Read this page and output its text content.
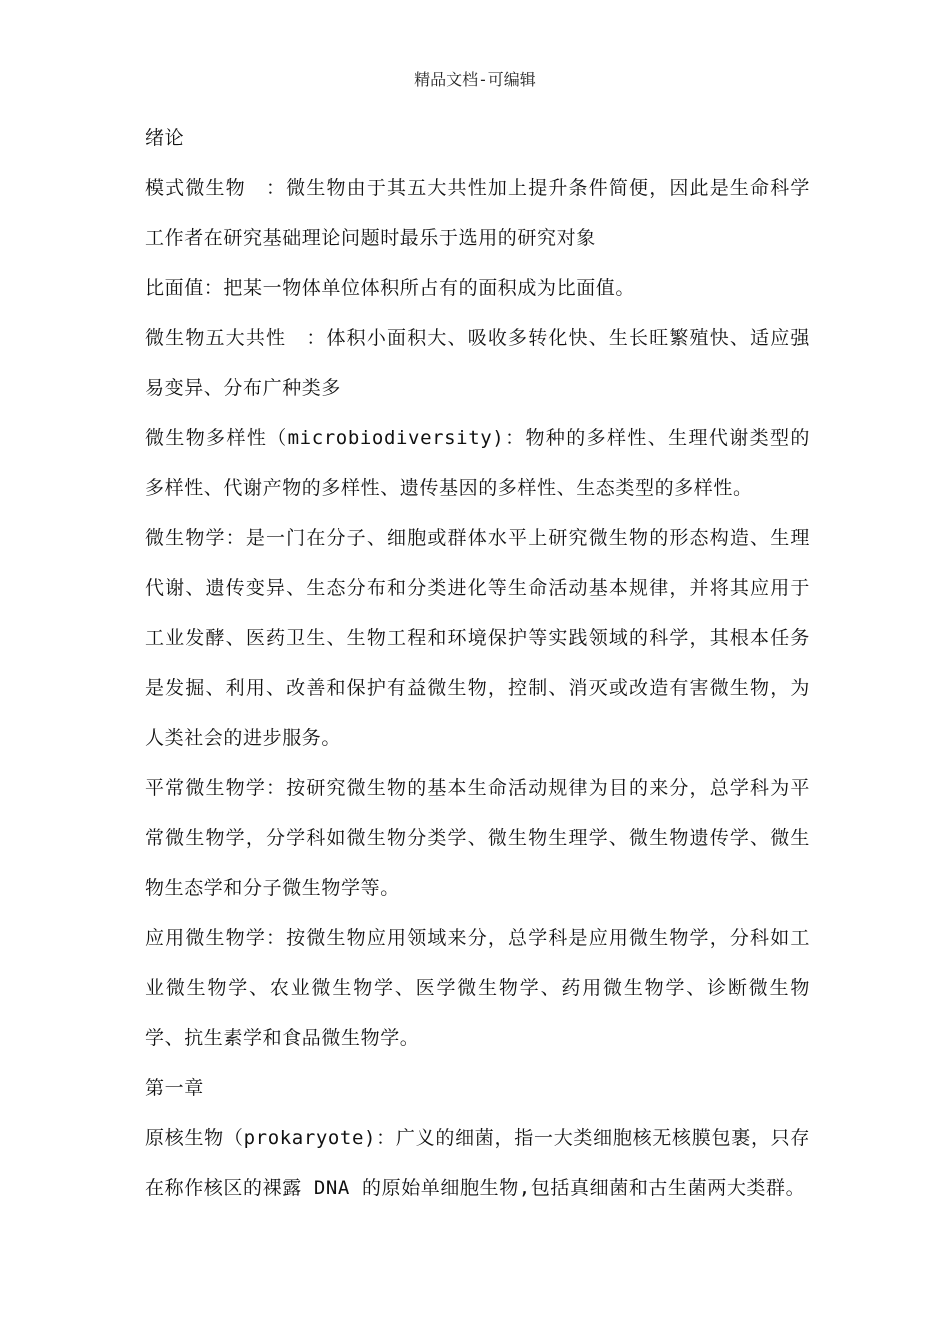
精品文档-可编辑

绪论

模式微生物　：微生物由于其五大共性加上提升条件简便，因此是生命科学工作者在研究基础理论问题时最乐于选用的研究对象

比面值：把某一物体单位体积所占有的面积成为比面值。

微生物五大共性　：体积小面积大、吸收多转化快、生长旺繁殖快、适应强易变异、分布广种类多

微生物多样性（microbiodiversity)：物种的多样性、生理代谢类型的多样性、代谢产物的多样性、遗传基因的多样性、生态类型的多样性。

微生物学：是一门在分子、细胞或群体水平上研究微生物的形态构造、生理代谢、遗传变异、生态分布和分类进化等生命活动基本规律，并将其应用于工业发酵、医药卫生、生物工程和环境保护等实践领域的科学，其根本任务是发掘、利用、改善和保护有益微生物，控制、消灭或改造有害微生物，为人类社会的进步服务。

平常微生物学：按研究微生物的基本生命活动规律为目的来分，总学科为平常微生物学，分学科如微生物分类学、微生物生理学、微生物遗传学、微生物生态学和分子微生物学等。

应用微生物学：按微生物应用领域来分，总学科是应用微生物学，分科如工业微生物学、农业微生物学、医学微生物学、药用微生物学、诊断微生物学、抗生素学和食品微生物学。

第一章

原核生物（prokaryote)：广义的细菌，指一大类细胞核无核膜包裹，只存在称作核区的裸露 DNA 的原始单细胞生物,包括真细菌和古生菌两大类群。
